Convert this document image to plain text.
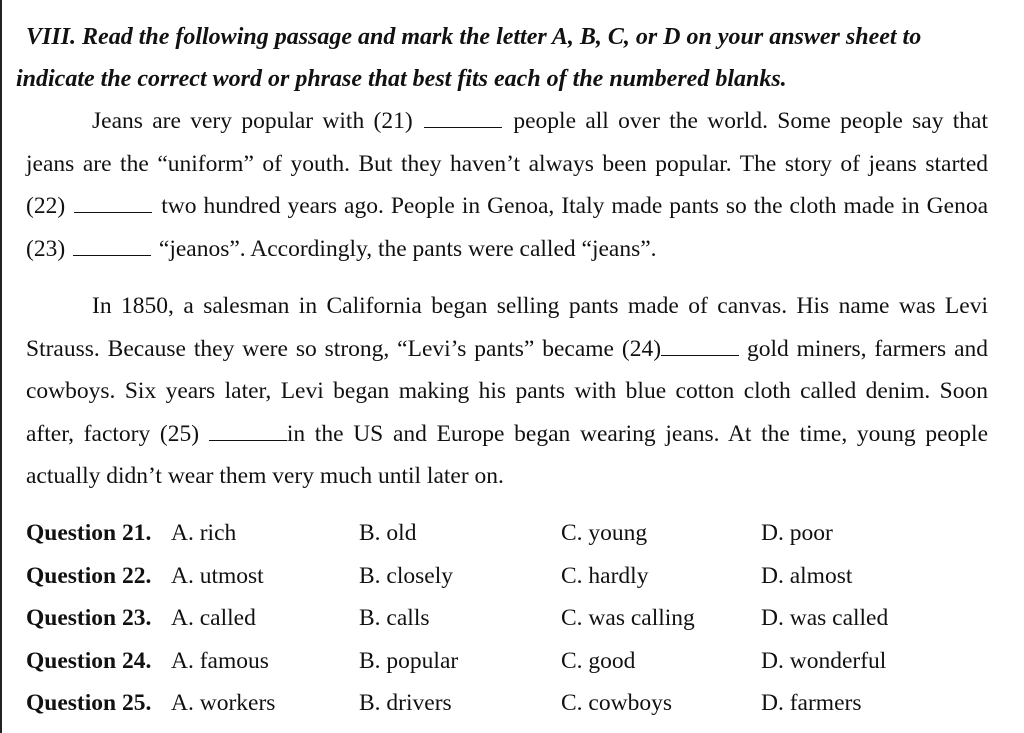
VIII. Read the following passage and mark the letter A, B, C, or D on your answer sheet to
indicate the correct word or phrase that best fits each of the numbered blanks.

Jeans are very popular with (21)	people all over the world. Some people say that jeans are the “uniform” of youth. But they haven’t always been popular. The story of jeans started (22)	two hundred years ago. People in Genoa, Italy made pants so the cloth made in Genoa (23)	“jeanos”. Accordingly, the pants were called “jeans”.

In 1850, a salesman in California began selling pants made of canvas. His name was Levi Strauss. Because they were so strong, “Levi’s pants” became (24)	gold miners, farmers and cowboys. Six years later, Levi began making his pants with blue cotton cloth called denim. Soon after, factory (25)	in the US and Europe began wearing jeans. At the time, young people actually didn’t wear them very much until later on.

Question 21. A. rich	B. old	C. young	D. poor
Question 22. A. utmost	B. closely	C. hardly	D. almost
Question 23. A. called	B. calls	C. was calling	D. was called
Question 24. A. famous	B. popular	C. good	D. wonderful
Question 25. A. workers	B. drivers	C. cowboys	D. farmers
